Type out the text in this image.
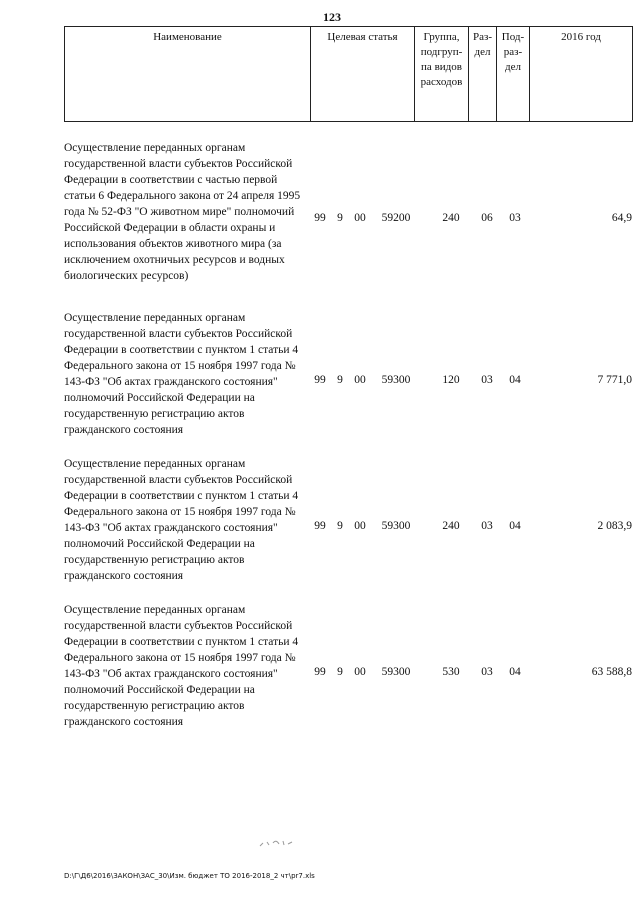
123
Наименование	Целевая статья	Группа,
подгруп-
па видов
расходов	Раз-
дел	Под-
раз-
дел	2016 год
Осуществление переданных органам государственной власти субъектов Российской Федерации в соответствии с частью первой статьи 6 Федерального закона от 24 апреля 1995 года № 52-ФЗ "О животном мире" полномочий Российской Федерации в области охраны и использования объектов животного мира (за исключением охотничьих ресурсов и водных биологических ресурсов)
99 9 00	59200	240	06	03	64,9
Осуществление переданных органам государственной власти субъектов Российской Федерации в соответствии с пунктом 1 статьи 4 Федерального закона от 15 ноября 1997 года № 143-ФЗ "Об актах гражданского состояния" полномочий Российской Федерации на государственную регистрацию актов гражданского состояния
99 9 00	59300	120	03	04	7 771,0
Осуществление переданных органам государственной власти субъектов Российской Федерации в соответствии с пунктом 1 статьи 4 Федерального закона от 15 ноября 1997 года № 143-ФЗ "Об актах гражданского состояния" полномочий Российской Федерации на государственную регистрацию актов гражданского состояния
99 9 00	59300	240	03	04	2 083,9
Осуществление переданных органам государственной власти субъектов Российской Федерации в соответствии с пунктом 1 статьи 4 Федерального закона от 15 ноября 1997 года № 143-ФЗ "Об актах гражданского состояния" полномочий Российской Федерации на государственную регистрацию актов гражданского состояния
99 9 00	59300	530	03	04	63 588,8
D:\Г\Д6\2016\ЗАКОН\ЗАС_30\Изм. бюджет ТО 2016-2018_2 чт\pr7.xls
